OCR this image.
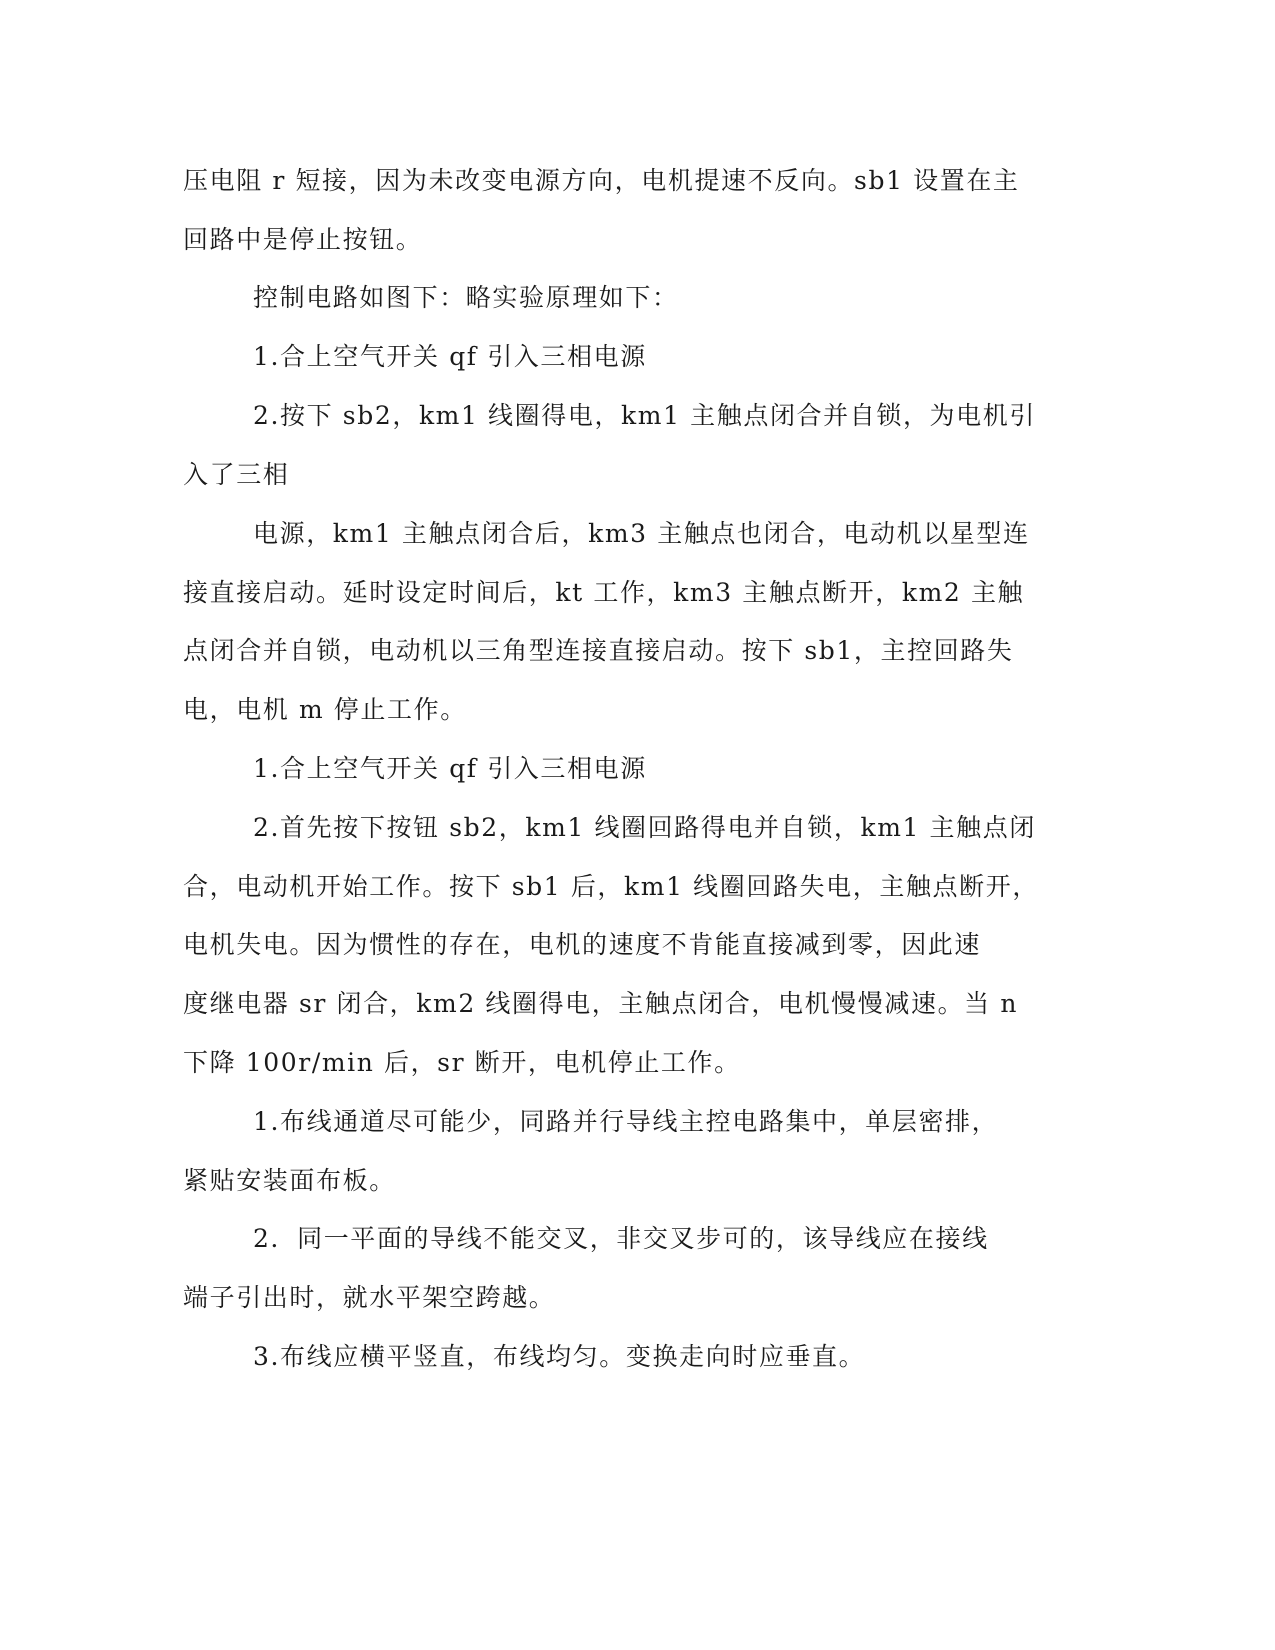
压电阻 r 短接，因为未改变电源方向，电机提速不反向。sb1 设置在主
回路中是停止按钮。
控制电路如图下：略实验原理如下：
1.合上空气开关 qf 引入三相电源
2.按下 sb2，km1 线圈得电，km1 主触点闭合并自锁，为电机引
入了三相
电源，km1 主触点闭合后，km3 主触点也闭合，电动机以星型连
接直接启动。延时设定时间后，kt 工作，km3 主触点断开，km2 主触
点闭合并自锁，电动机以三角型连接直接启动。按下 sb1，主控回路失
电，电机 m 停止工作。
1.合上空气开关 qf 引入三相电源
2.首先按下按钮 sb2，km1 线圈回路得电并自锁，km1 主触点闭
合，电动机开始工作。按下 sb1 后，km1 线圈回路失电，主触点断开，
电机失电。因为惯性的存在，电机的速度不肯能直接减到零，因此速
度继电器 sr 闭合，km2 线圈得电，主触点闭合，电机慢慢减速。当 n
下降 100r/min 后，sr 断开，电机停止工作。
1.布线通道尽可能少，同路并行导线主控电路集中，单层密排，
紧贴安装面布板。
2．同一平面的导线不能交叉，非交叉步可的，该导线应在接线
端子引出时，就水平架空跨越。
3.布线应横平竖直，布线均匀。变换走向时应垂直。
